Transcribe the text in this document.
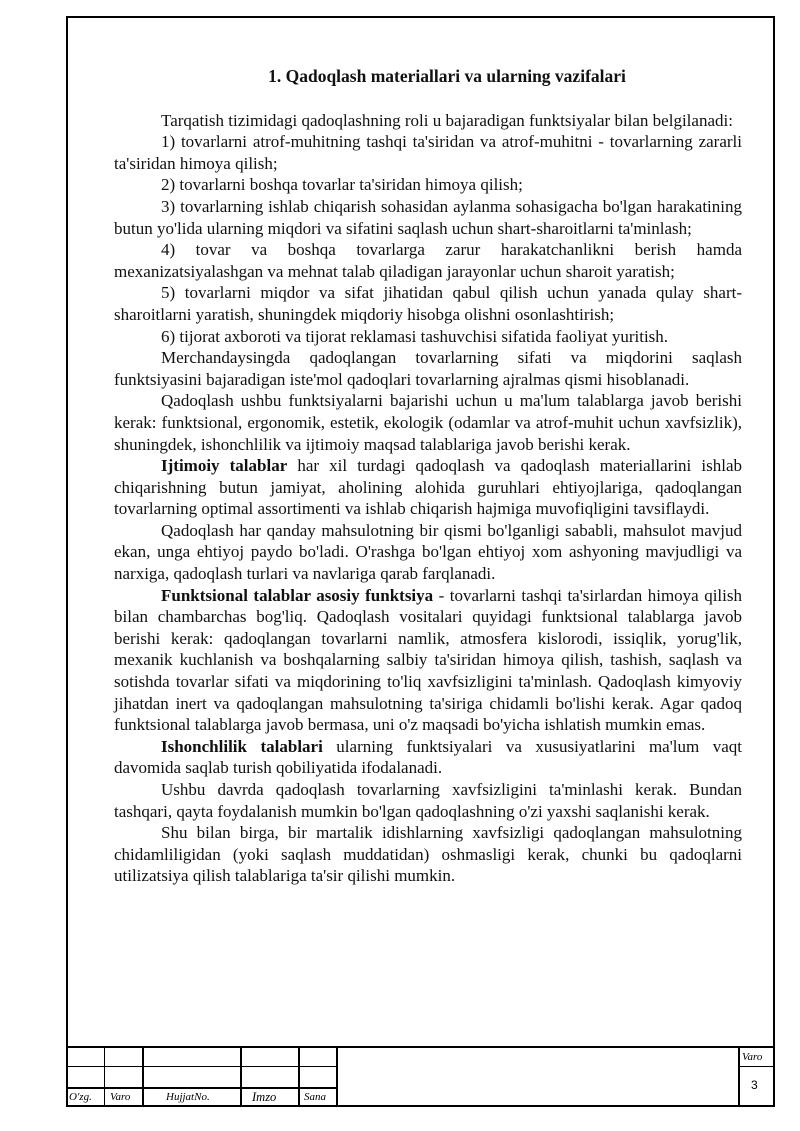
1. Qadoqlash materiallari va ularning vazifalari
Tarqatish tizimidagi qadoqlashning roli u bajaradigan funktsiyalar bilan belgilanadi:
1) tovarlarni atrof-muhitning tashqi ta'siridan va atrof-muhitni - tovarlarning zararli ta'siridan himoya qilish;
2) tovarlarni boshqa tovarlar ta'siridan himoya qilish;
3) tovarlarning ishlab chiqarish sohasidan aylanma sohasigacha bo'lgan harakatining butun yo'lida ularning miqdori va sifatini saqlash uchun shart-sharoitlarni ta'minlash;
4) tovar va boshqa tovarlarga zarur harakatchanlikni berish hamda mexanizatsiyalashgan va mehnat talab qiladigan jarayonlar uchun sharoit yaratish;
5) tovarlarni miqdor va sifat jihatidan qabul qilish uchun yanada qulay shart-sharoitlarni yaratish, shuningdek miqdoriy hisobga olishni osonlashtirish;
6) tijorat axboroti va tijorat reklamasi tashuvchisi sifatida faoliyat yuritish.
Merchandaysingda qadoqlangan tovarlarning sifati va miqdorini saqlash funktsiyasini bajaradigan iste'mol qadoqlari tovarlarning ajralmas qismi hisoblanadi.
Qadoqlash ushbu funktsiyalarni bajarishi uchun u ma'lum talablarga javob berishi kerak: funktsional, ergonomik, estetik, ekologik (odamlar va atrof-muhit uchun xavfsizlik), shuningdek, ishonchlilik va ijtimoiy maqsad talablariga javob berishi kerak.
Ijtimoiy talablar har xil turdagi qadoqlash va qadoqlash materiallarini ishlab chiqarishning butun jamiyat, aholining alohida guruhlari ehtiyojlariga, qadoqlangan tovarlarning optimal assortimenti va ishlab chiqarish hajmiga muvofiqligini tavsiflaydi.
Qadoqlash har qanday mahsulotning bir qismi bo'lganligi sababli, mahsulot mavjud ekan, unga ehtiyoj paydo bo'ladi. O'rashga bo'lgan ehtiyoj xom ashyoning mavjudligi va narxiga, qadoqlash turlari va navlariga qarab farqlanadi.
Funktsional talablar asosiy funktsiya - tovarlarni tashqi ta'sirlardan himoya qilish bilan chambarchas bog'liq. Qadoqlash vositalari quyidagi funktsional talablarga javob berishi kerak: qadoqlangan tovarlarni namlik, atmosfera kislorodi, issiqlik, yorug'lik, mexanik kuchlanish va boshqalarning salbiy ta'siridan himoya qilish, tashish, saqlash va sotishda tovarlar sifati va miqdorining to'liq xavfsizligini ta'minlash. Qadoqlash kimyoviy jihatdan inert va qadoqlangan mahsulotning ta'siriga chidamli bo'lishi kerak. Agar qadoq funktsional talablarga javob bermasa, uni o'z maqsadi bo'yicha ishlatish mumkin emas.
Ishonchlilik talablari ularning funktsiyalari va xususiyatlarini ma'lum vaqt davomida saqlab turish qobiliyatida ifodalanadi.
Ushbu davrda qadoqlash tovarlarning xavfsizligini ta'minlashi kerak. Bundan tashqari, qayta foydalanish mumkin bo'lgan qadoqlashning o'zi yaxshi saqlanishi kerak.
Shu bilan birga, bir martalik idishlarning xavfsizligi qadoqlangan mahsulotning chidamliligidan (yoki saqlash muddatidan) oshmasligi kerak, chunki bu qadoqlarni utilizatsiya qilish talablariga ta'sir qilishi mumkin.
O'zg. Varo	HujjatNo.	Imzo	Sana
Varo
3
